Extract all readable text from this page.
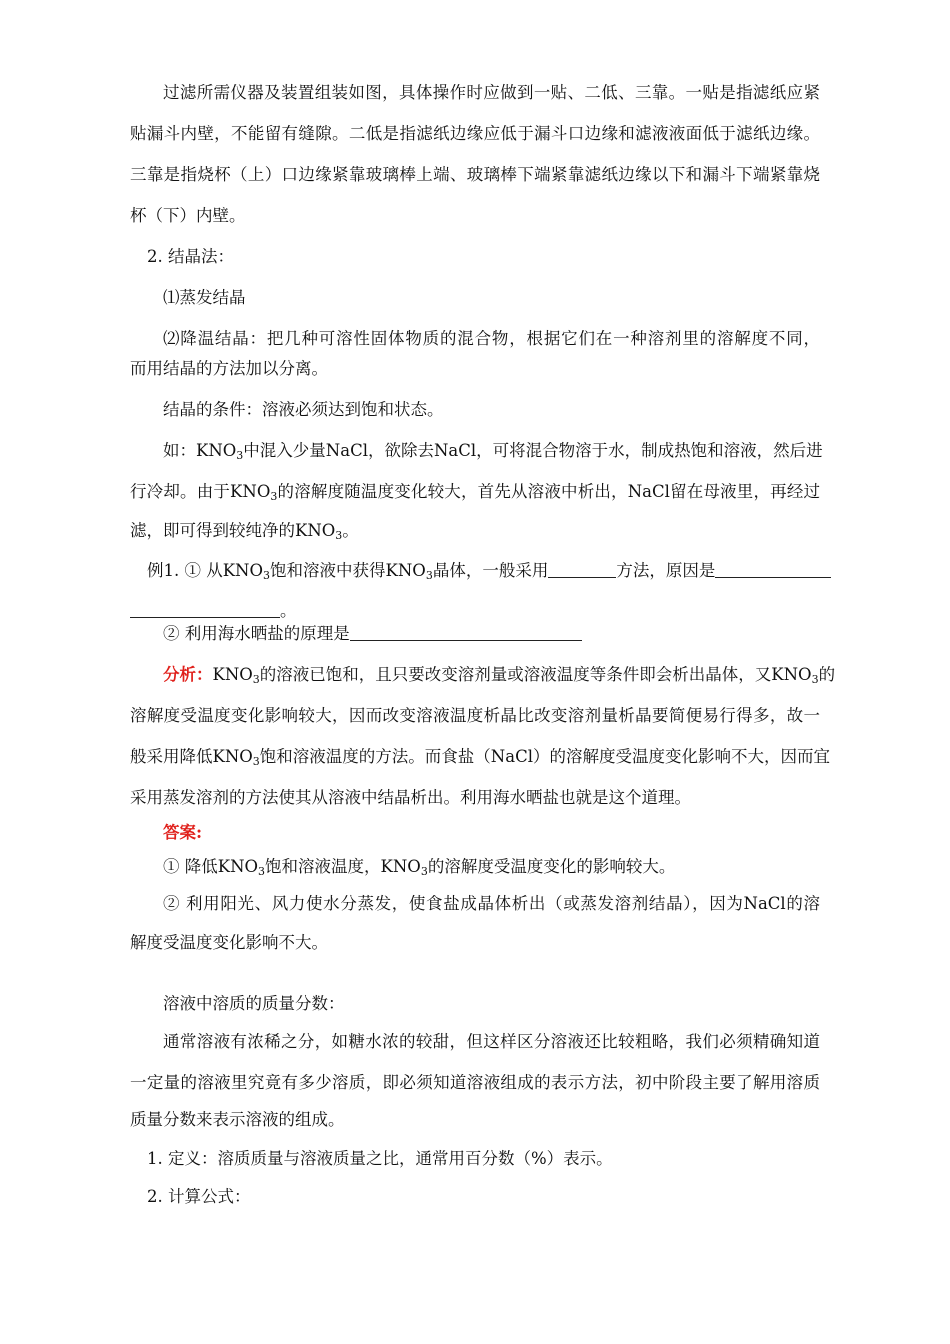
过滤所需仪器及装置组装如图，具体操作时应做到一贴、二低、三靠。一贴是指滤纸应紧
贴漏斗内壁，不能留有缝隙。二低是指滤纸边缘应低于漏斗口边缘和滤液液面低于滤纸边缘。
三靠是指烧杯（上）口边缘紧靠玻璃棒上端、玻璃棒下端紧靠滤纸边缘以下和漏斗下端紧靠烧
杯（下）内壁。
2. 结晶法：
⑴蒸发结晶
⑵降温结晶：把几种可溶性固体物质的混合物，根据它们在一种溶剂里的溶解度不同，
而用结晶的方法加以分离。
结晶的条件：溶液必须达到饱和状态。
如：$KNO_3$中混入少量NaCl，欲除去NaCl，可将混合物溶于水，制成热饱和溶液，然后进
行冷却。由于$KNO_3$的溶解度随温度变化较大，首先从溶液中析出，NaCl留在母液里，再经过
滤，即可得到较纯净的$KNO_3$。
例1. ① 从$KNO_3$饱和溶液中获得$KNO_3$晶体，一般采用	方法，原因是
。
② 利用海水晒盐的原理是
分析：$KNO_3$的溶液已饱和，且只要改变溶剂量或溶液温度等条件即会析出晶体，又$KNO_3$的
溶解度受温度变化影响较大，因而改变溶液温度析晶比改变溶剂量析晶要简便易行得多，故一
般采用降低$KNO_3$饱和溶液温度的方法。而食盐（NaCl）的溶解度受温度变化影响不大，因而宜
采用蒸发溶剂的方法使其从溶液中结晶析出。利用海水晒盐也就是这个道理。
答案:
① 降低$KNO_3$饱和溶液温度，$KNO_3$的溶解度受温度变化的影响较大。
② 利用阳光、风力使水分蒸发，使食盐成晶体析出（或蒸发溶剂结晶），因为NaCl的溶
解度受温度变化影响不大。
溶液中溶质的质量分数：
通常溶液有浓稀之分，如糖水浓的较甜，但这样区分溶液还比较粗略，我们必须精确知道
一定量的溶液里究竟有多少溶质，即必须知道溶液组成的表示方法，初中阶段主要了解用溶质
质量分数来表示溶液的组成。
1. 定义：溶质质量与溶液质量之比，通常用百分数（%）表示。
2. 计算公式：
